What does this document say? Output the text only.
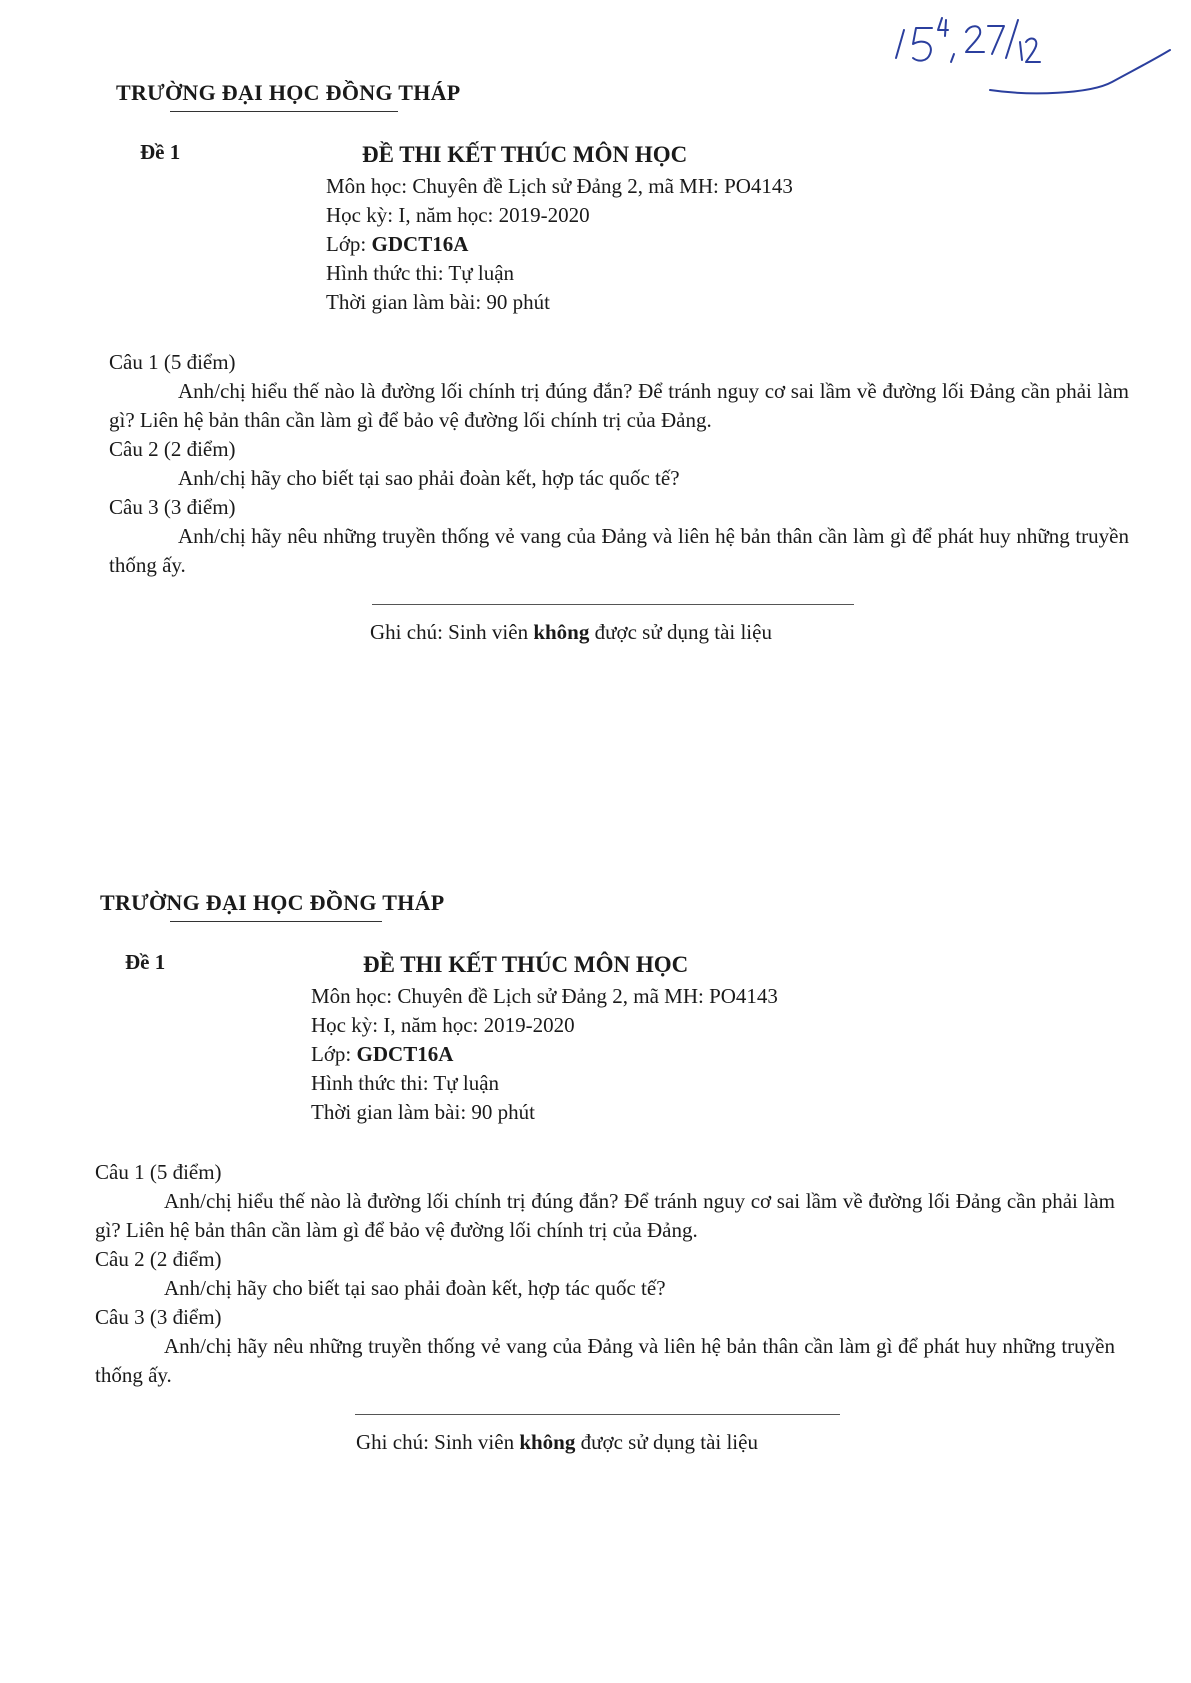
TRƯỜNG ĐẠI HỌC ĐỒNG THÁP
Đề 1	ĐỀ THI KẾT THÚC MÔN HỌC
Môn học: Chuyên đề Lịch sử Đảng 2, mã MH: PO4143
Học kỳ: I, năm học: 2019-2020
Lớp: GDCT16A
Hình thức thi: Tự luận
Thời gian làm bài: 90 phút
Câu 1 (5 điểm)
Anh/chị hiểu thế nào là đường lối chính trị đúng đắn? Để tránh nguy cơ sai lầm về đường lối Đảng cần phải làm gì? Liên hệ bản thân cần làm gì để bảo vệ đường lối chính trị của Đảng.
Câu 2 (2 điểm)
Anh/chị hãy cho biết tại sao phải đoàn kết, hợp tác quốc tế?
Câu 3 (3 điểm)
Anh/chị hãy nêu những truyền thống vẻ vang của Đảng và liên hệ bản thân cần làm gì để phát huy những truyền thống ấy.
Ghi chú: Sinh viên không được sử dụng tài liệu
TRƯỜNG ĐẠI HỌC ĐỒNG THÁP
Đề 1	ĐỀ THI KẾT THÚC MÔN HỌC
Môn học: Chuyên đề Lịch sử Đảng 2, mã MH: PO4143
Học kỳ: I, năm học: 2019-2020
Lớp: GDCT16A
Hình thức thi: Tự luận
Thời gian làm bài: 90 phút
Câu 1 (5 điểm)
Anh/chị hiểu thế nào là đường lối chính trị đúng đắn? Để tránh nguy cơ sai lầm về đường lối Đảng cần phải làm gì? Liên hệ bản thân cần làm gì để bảo vệ đường lối chính trị của Đảng.
Câu 2 (2 điểm)
Anh/chị hãy cho biết tại sao phải đoàn kết, hợp tác quốc tế?
Câu 3 (3 điểm)
Anh/chị hãy nêu những truyền thống vẻ vang của Đảng và liên hệ bản thân cần làm gì để phát huy những truyền thống ấy.
Ghi chú: Sinh viên không được sử dụng tài liệu
